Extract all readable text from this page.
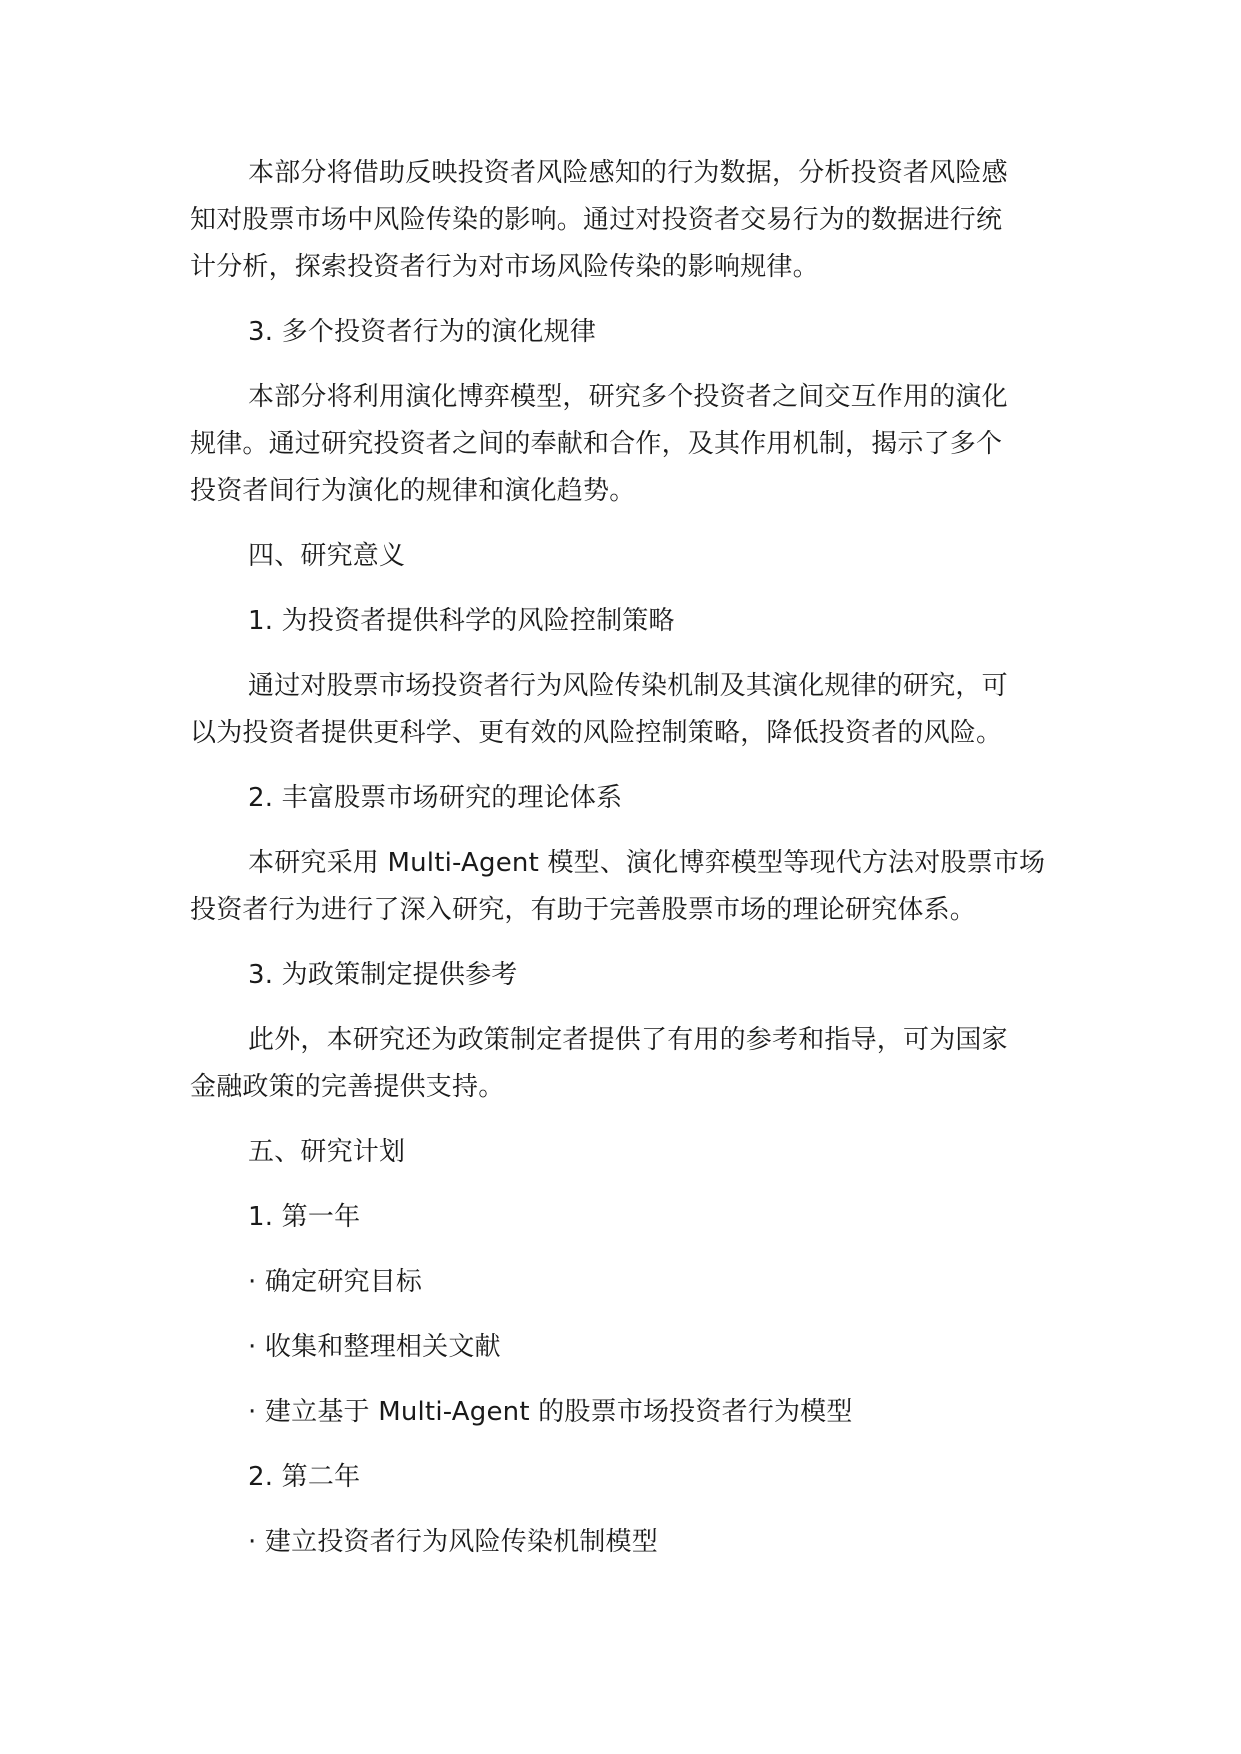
本部分将借助反映投资者风险感知的行为数据，分析投资者风险感
知对股票市场中风险传染的影响。通过对投资者交易行为的数据进行统
计分析，探索投资者行为对市场风险传染的影响规律。

3. 多个投资者行为的演化规律

本部分将利用演化博弈模型，研究多个投资者之间交互作用的演化
规律。通过研究投资者之间的奉献和合作，及其作用机制，揭示了多个
投资者间行为演化的规律和演化趋势。

四、研究意义

1. 为投资者提供科学的风险控制策略

通过对股票市场投资者行为风险传染机制及其演化规律的研究，可
以为投资者提供更科学、更有效的风险控制策略，降低投资者的风险。

2. 丰富股票市场研究的理论体系

本研究采用 Multi-Agent 模型、演化博弈模型等现代方法对股票市场
投资者行为进行了深入研究，有助于完善股票市场的理论研究体系。

3. 为政策制定提供参考

此外，本研究还为政策制定者提供了有用的参考和指导，可为国家
金融政策的完善提供支持。

五、研究计划

1. 第一年

· 确定研究目标

· 收集和整理相关文献

· 建立基于 Multi-Agent 的股票市场投资者行为模型

2. 第二年

· 建立投资者行为风险传染机制模型
